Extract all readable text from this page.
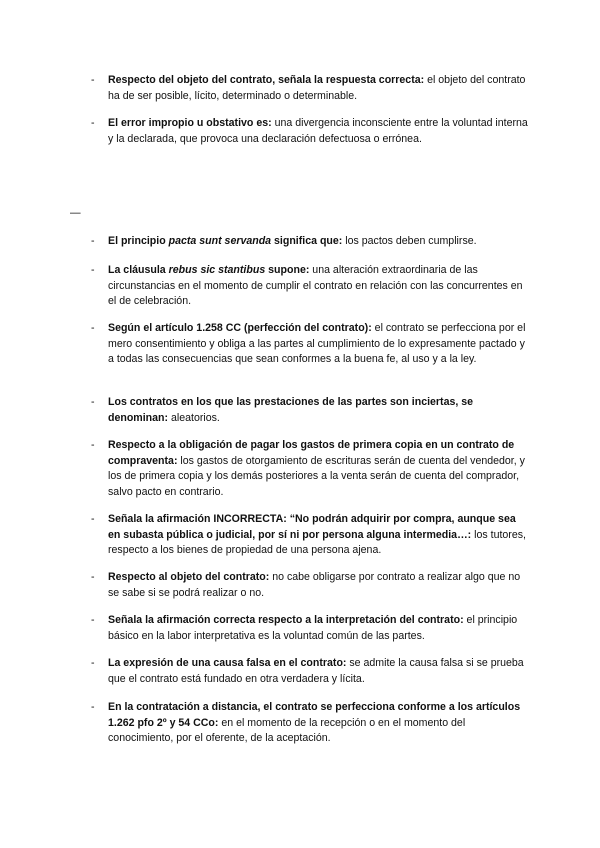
- Respecto del objeto del contrato, señala la respuesta correcta: el objeto del contrato ha de ser posible, lícito, determinado o determinable.
- El error impropio u obstativo es: una divergencia inconsciente entre la voluntad interna y la declarada, que provoca una declaración defectuosa o errónea.
—
- El principio pacta sunt servanda significa que: los pactos deben cumplirse.
- La cláusula rebus sic stantibus supone: una alteración extraordinaria de las circunstancias en el momento de cumplir el contrato en relación con las concurrentes en el de celebración.
- Según el artículo 1.258 CC (perfección del contrato): el contrato se perfecciona por el mero consentimiento y obliga a las partes al cumplimiento de lo expresamente pactado y a todas las consecuencias que sean conformes a la buena fe, al uso y a la ley.
- Los contratos en los que las prestaciones de las partes son inciertas, se denominan: aleatorios.
- Respecto a la obligación de pagar los gastos de primera copia en un contrato de compraventa: los gastos de otorgamiento de escrituras serán de cuenta del vendedor, y los de primera copia y los demás posteriores a la venta serán de cuenta del comprador, salvo pacto en contrario.
- Señala la afirmación INCORRECTA: “No podrán adquirir por compra, aunque sea en subasta pública o judicial, por sí ni por persona alguna intermedia…: los tutores, respecto a los bienes de propiedad de una persona ajena.
- Respecto al objeto del contrato: no cabe obligarse por contrato a realizar algo que no se sabe si se podrá realizar o no.
- Señala la afirmación correcta respecto a la interpretación del contrato: el principio básico en la labor interpretativa es la voluntad común de las partes.
- La expresión de una causa falsa en el contrato: se admite la causa falsa si se prueba que el contrato está fundado en otra verdadera y lícita.
- En la contratación a distancia, el contrato se perfecciona conforme a los artículos 1.262 pfo 2º y 54 CCo: en el momento de la recepción o en el momento del conocimiento, por el oferente, de la aceptación.
